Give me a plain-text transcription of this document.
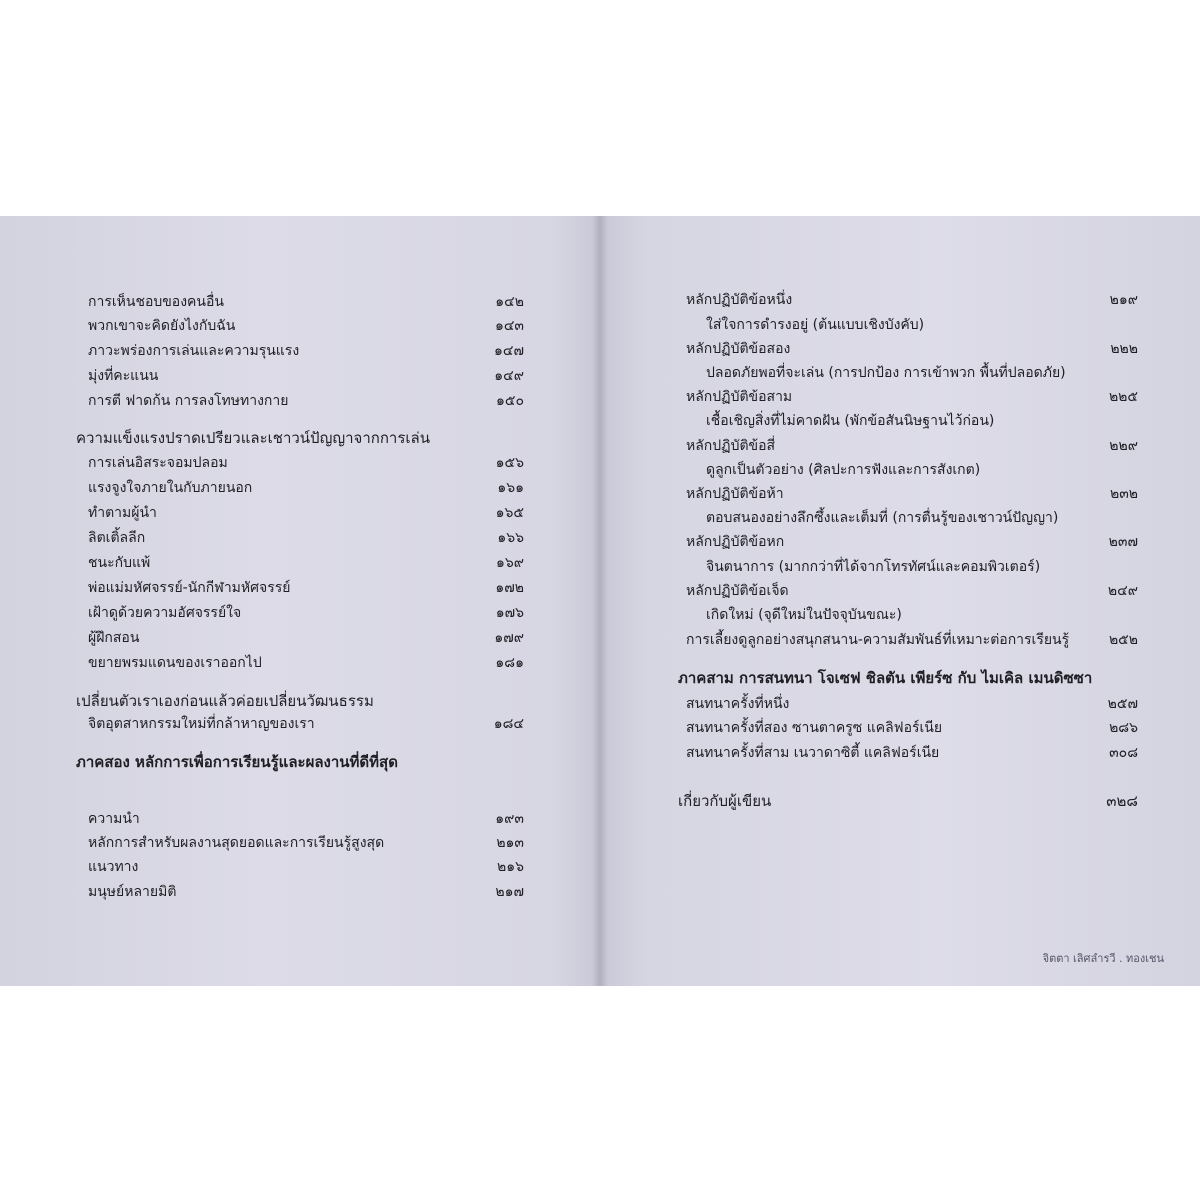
การเห็นชอบของคนอื่น	๑๔๒
พวกเขาจะคิดยังไงกับฉัน	๑๔๓
ภาวะพร่องการเล่นและความรุนแรง	๑๔๗
มุ่งที่คะแนน	๑๔๙
การตี ฟาดก้น การลงโทษทางกาย	๑๕๐
ความแข็งแรงปราดเปรียวและเชาวน์ปัญญาจากการเล่น
การเล่นอิสระจอมปลอม	๑๕๖
แรงจูงใจภายในกับภายนอก	๑๖๑
ทำตามผู้นำ	๑๖๕
ลิตเติ้ลลีก	๑๖๖
ชนะกับแพ้	๑๖๙
พ่อแม่มหัศจรรย์-นักกีฬามหัศจรรย์	๑๗๒
เฝ้าดูด้วยความอัศจรรย์ใจ	๑๗๖
ผู้ฝึกสอน	๑๗๙
ขยายพรมแดนของเราออกไป	๑๘๑
เปลี่ยนตัวเราเองก่อนแล้วค่อยเปลี่ยนวัฒนธรรม
จิตอุตสาหกรรมใหม่ที่กล้าหาญของเรา	๑๘๔
ภาคสอง หลักการเพื่อการเรียนรู้และผลงานที่ดีที่สุด
ความนำ	๑๙๓
หลักการสำหรับผลงานสุดยอดและการเรียนรู้สูงสุด	๒๑๓
แนวทาง	๒๑๖
มนุษย์หลายมิติ	๒๑๗
จิตตา เลิศลำรวี . ทองเชน
หลักปฏิบัติข้อหนึ่ง	๒๑๙
ใส่ใจการดำรงอยู่ (ต้นแบบเชิงบังคับ)
หลักปฏิบัติข้อสอง	๒๒๒
ปลอดภัยพอที่จะเล่น (การปกป้อง การเข้าพวก พื้นที่ปลอดภัย)
หลักปฏิบัติข้อสาม	๒๒๕
เชื้อเชิญสิ่งที่ไม่คาดฝัน (พักข้อสันนิษฐานไว้ก่อน)
หลักปฏิบัติข้อสี่	๒๒๙
ดูลูกเป็นตัวอย่าง (ศิลปะการฟังและการสังเกต)
หลักปฏิบัติข้อห้า	๒๓๒
ตอบสนองอย่างลึกซึ้งและเต็มที่ (การตื่นรู้ของเชาวน์ปัญญา)
หลักปฏิบัติข้อหก	๒๓๗
จินตนาการ (มากกว่าที่ได้จากโทรทัศน์และคอมพิวเตอร์)
หลักปฏิบัติข้อเจ็ด	๒๔๙
เกิดใหม่ (จุดีใหม่ในปัจจุบันขณะ)
การเลี้ยงดูลูกอย่างสนุกสนาน-ความสัมพันธ์ที่เหมาะต่อการเรียนรู้	๒๕๒
ภาคสาม การสนทนา โจเซฟ ชิลตัน เพียร์ซ กับ ไมเคิล เมนดิซซา
สนทนาครั้งที่หนึ่ง	๒๕๗
สนทนาครั้งที่สอง ซานตาครูซ แคลิฟอร์เนีย	๒๘๖
สนทนาครั้งที่สาม เนวาดาซิตี้ แคลิฟอร์เนีย	๓๐๘
เกี่ยวกับผู้เขียน	๓๒๘
